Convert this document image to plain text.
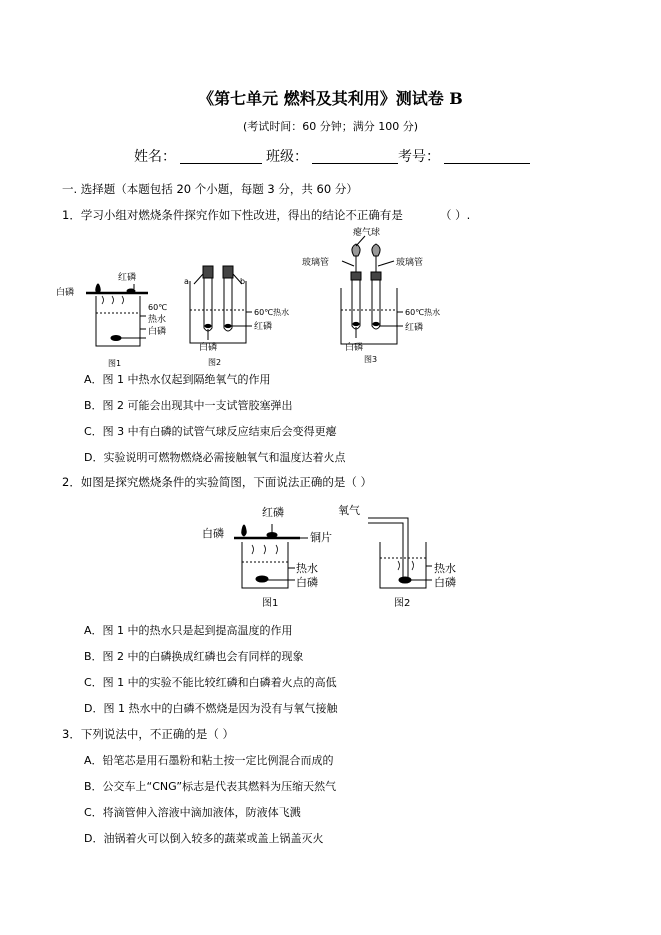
《第七单元 燃料及其利用》测试卷 B
(考试时间：60 分钟；满分 100 分)
姓名：	班级：	考号：
一. 选择题（本题包括 20 个小题，每题 3 分，共 60 分）
1．学习小组对燃烧条件探究作如下性改进，得出的结论不正确有是	（ ）.
红磷
白磷
60℃
热水
白磷
图1
a	b
60℃热水
红磷
白磷
图2
瘪气球
玻璃管	玻璃管
60℃热水
红磷
白磷
图3
A．图 1 中热水仅起到隔绝氧气的作用
B．图 2 可能会出现其中一支试管胶塞弹出
C．图 3 中有白磷的试管气球反应结束后会变得更瘪
D．实验说明可燃物燃烧必需接触氧气和温度达着火点
2．如图是探究燃烧条件的实验简图，下面说法正确的是（ ）
红磷
白磷	铜片
热水
白磷
图1
氧气
热水
白磷
图2
A．图 1 中的热水只是起到提高温度的作用
B．图 2 中的白磷换成红磷也会有同样的现象
C．图 1 中的实验不能比较红磷和白磷着火点的高低
D．图 1 热水中的白磷不燃烧是因为没有与氧气接触
3．下列说法中，不正确的是（ ）
A．铅笔芯是用石墨粉和粘土按一定比例混合而成的
B．公交车上“CNG”标志是代表其燃料为压缩天然气
C．将滴管伸入溶液中滴加液体，防液体飞溅
D．油锅着火可以倒入较多的蔬菜或盖上锅盖灭火
